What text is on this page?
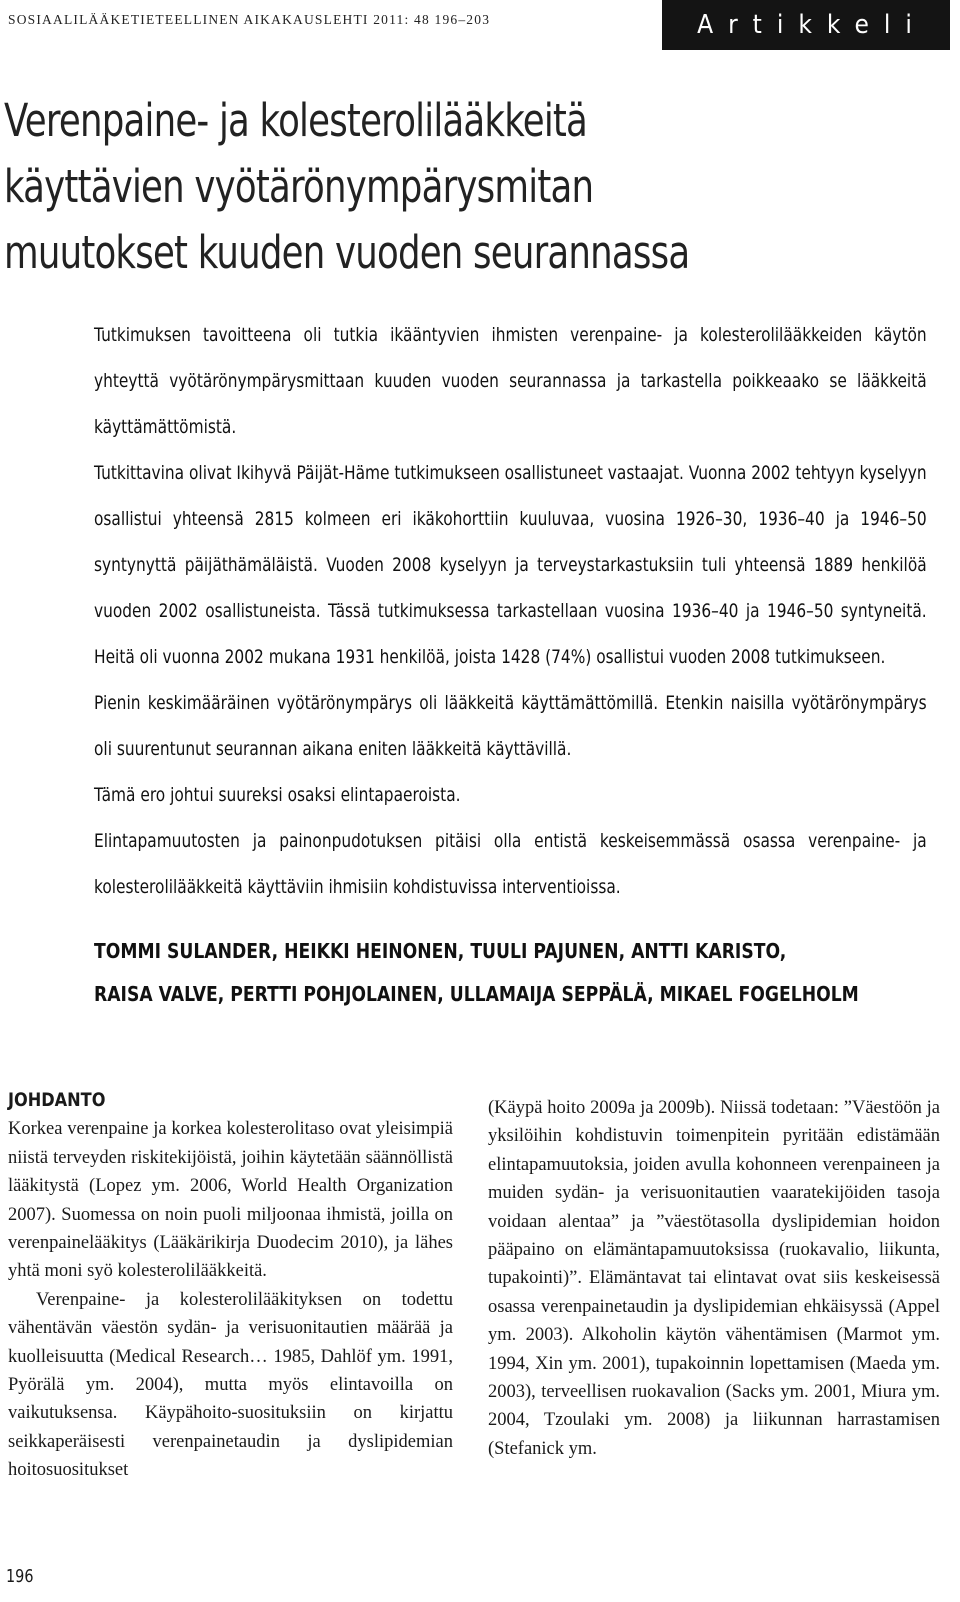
SOSIAALILÄÄKETIETEELLINEN AIKAKAUSLEHTI 2011: 48 196–203	Artikkeli
Verenpaine- ja kolesterolilääkkeitä käyttävien vyötärönympärysmitan muutokset kuuden vuoden seurannassa

Tutkimuksen tavoitteena oli tutkia ikääntyvien ihmisten verenpaine- ja kolesterolilääkkeiden käytön yhteyttä vyötärönympärysmittaan kuuden vuoden seurannassa ja tarkastella poikkeaako se lääkkeitä käyttämättömistä.

Tutkittavina olivat Ikihyvä Päijät-Häme tutkimukseen osallistuneet vastaajat. Vuonna 2002 tehtyyn kyselyyn osallistui yhteensä 2815 kolmeen eri ikäkohorttiin kuuluvaa, vuosina 1926–30, 1936–40 ja 1946–50 syntynyttä päijäthämäläistä. Vuoden 2008 kyselyyn ja terveystarkastuksiin tuli yhteensä 1889 henkilöä vuoden 2002 osallistuneista. Tässä tutkimuksessa tarkastellaan vuosina 1936–40 ja 1946–50 syntyneitä. Heitä oli vuonna 2002 mukana 1931 henkilöä, joista 1428 (74%) osallistui vuoden 2008 tutkimukseen.

Pienin keskimääräinen vyötärönympärys oli lääkkeitä käyttämättömillä. Etenkin naisilla vyötärönympärys oli suurentunut seurannan aikana eniten lääkkeitä käyttävillä.

Tämä ero johtui suureksi osaksi elintapaeroista.

Elintapamuutosten ja painonpudotuksen pitäisi olla entistä keskeisemmässä osassa verenpaine- ja kolesterolilääkkeitä käyttäviin ihmisiin kohdistuvissa interventioissa.

TOMMI SULANDER, HEIKKI HEINONEN, TUULI PAJUNEN, ANTTI KARISTO,
RAISA VALVE, PERTTI POHJOLAINEN, ULLAMAIJA SEPPÄLÄ, MIKAEL FOGELHOLM
JOHDANTO

Korkea verenpaine ja korkea kolesterolitaso ovat yleisimpiä niistä terveyden riskitekijöistä, joihin käytetään säännöllistä lääkitystä (Lopez ym. 2006, World Health Organization 2007). Suomessa on noin puoli miljoonaa ihmistä, joilla on verenpainelääkitys (Lääkärikirja Duodecim 2010), ja lähes yhtä moni syö kolesterolilääkkeitä.

Verenpaine- ja kolesterolilääkityksen on todettu vähentävän väestön sydän- ja verisuonitautien määrää ja kuolleisuutta (Medical Research… 1985, Dahlöf ym. 1991, Pyörälä ym. 2004), mutta myös elintavoilla on vaikutuksensa. Käypähoito-suosituksiin on kirjattu seikkaperäisesti verenpainetaudin ja dyslipidemian hoitosuositukset

(Käypä hoito 2009a ja 2009b). Niissä todetaan: ”Väestöön ja yksilöihin kohdistuvin toimenpitein pyritään edistämään elintapamuutoksia, joiden avulla kohonneen verenpaineen ja muiden sydän- ja verisuonitautien vaaratekijöiden tasoja voidaan alentaa” ja ”väestötasolla dyslipidemian hoidon pääpaino on elämäntapamuutoksissa (ruokavalio, liikunta, tupakointi)”. Elämäntavat tai elintavat ovat siis keskeisessä osassa verenpainetaudin ja dyslipidemian ehkäisyssä (Appel ym. 2003). Alkoholin käytön vähentämisen (Marmot ym. 1994, Xin ym. 2001), tupakoinnin lopettamisen (Maeda ym. 2003), terveellisen ruokavalion (Sacks ym. 2001, Miura ym. 2004, Tzoulaki ym. 2008) ja liikunnan harrastamisen (Stefanick ym.

196
